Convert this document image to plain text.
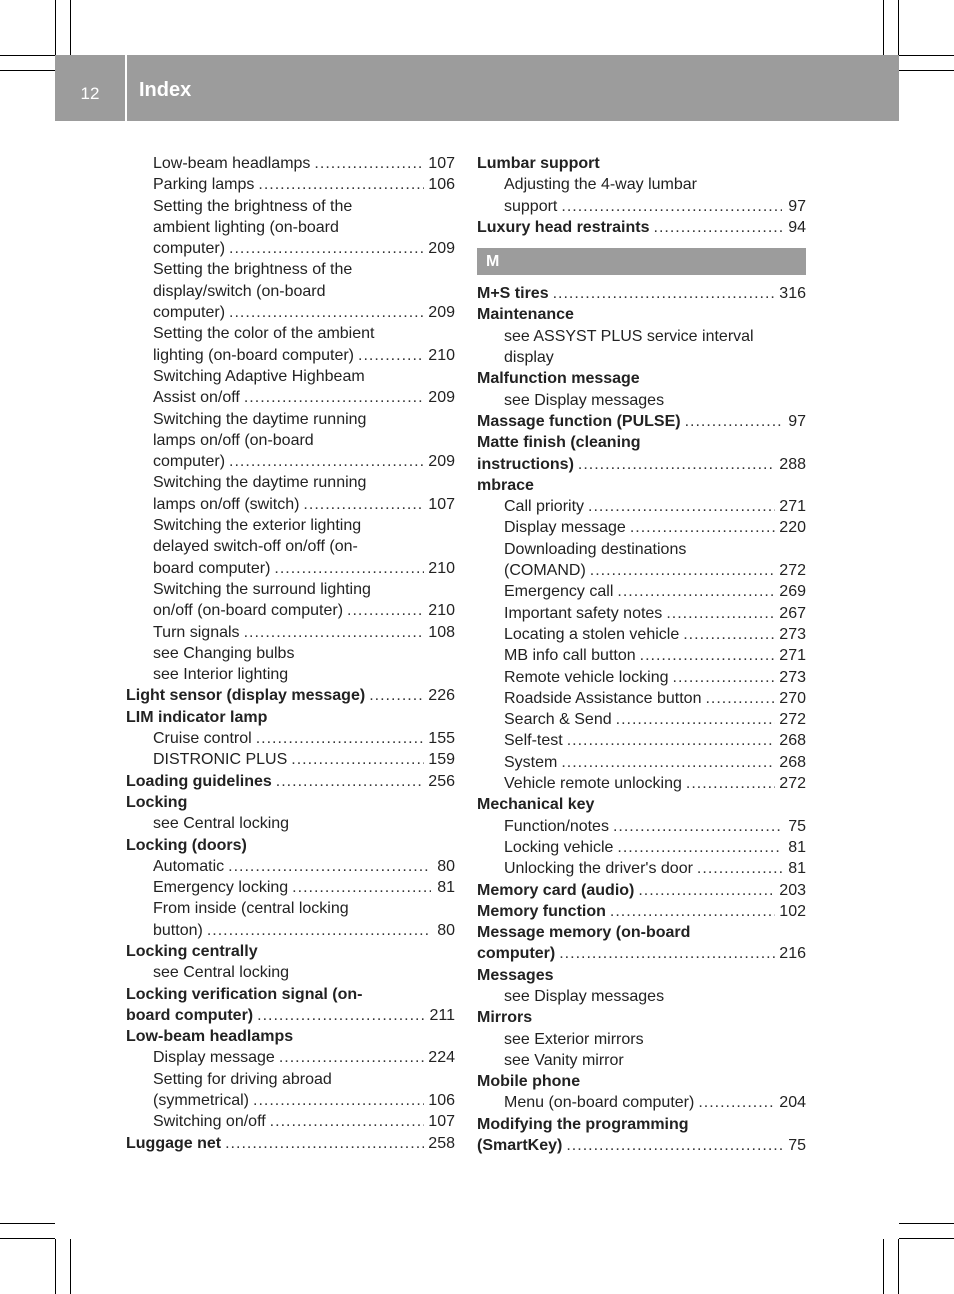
12	Index
Low-beam headlamps .....	107
Parking lamps .....	106
Setting the brightness of the
ambient lighting (on-board
computer) .....	209
Setting the brightness of the
display/switch (on-board
computer) .....	209
Setting the color of the ambient
lighting (on-board computer) .....	210
Switching Adaptive Highbeam
Assist on/off .....	209
Switching the daytime running
lamps on/off (on-board
computer) .....	209
Switching the daytime running
lamps on/off (switch) .....	107
Switching the exterior lighting
delayed switch-off on/off (on-
board computer) .....	210
Switching the surround lighting
on/off (on-board computer) .....	210
Turn signals .....	108
see Changing bulbs
see Interior lighting
Light sensor (display message) .....	226
LIM indicator lamp
Cruise control .....	155
DISTRONIC PLUS .....	159
Loading guidelines .....	256
Locking
see Central locking
Locking (doors)
Automatic .....	80
Emergency locking .....	81
From inside (central locking
button) .....	80
Locking centrally
see Central locking
Locking verification signal (on-
board computer) .....	211
Low-beam headlamps
Display message .....	224
Setting for driving abroad
(symmetrical) .....	106
Switching on/off .....	107
Luggage net .....	258
Lumbar support
Adjusting the 4-way lumbar
support .....	97
Luxury head restraints .....	94
M
M+S tires .....	316
Maintenance
see ASSYST PLUS service interval
display
Malfunction message
see Display messages
Massage function (PULSE) .....	97
Matte finish (cleaning
instructions) .....	288
mbrace
Call priority .....	271
Display message .....	220
Downloading destinations
(COMAND) .....	272
Emergency call .....	269
Important safety notes .....	267
Locating a stolen vehicle .....	273
MB info call button .....	271
Remote vehicle locking .....	273
Roadside Assistance button .....	270
Search & Send .....	272
Self-test .....	268
System .....	268
Vehicle remote unlocking .....	272
Mechanical key
Function/notes .....	75
Locking vehicle .....	81
Unlocking the driver's door .....	81
Memory card (audio) .....	203
Memory function .....	102
Message memory (on-board
computer) .....	216
Messages
see Display messages
Mirrors
see Exterior mirrors
see Vanity mirror
Mobile phone
Menu (on-board computer) .....	204
Modifying the programming
(SmartKey) .....	75
